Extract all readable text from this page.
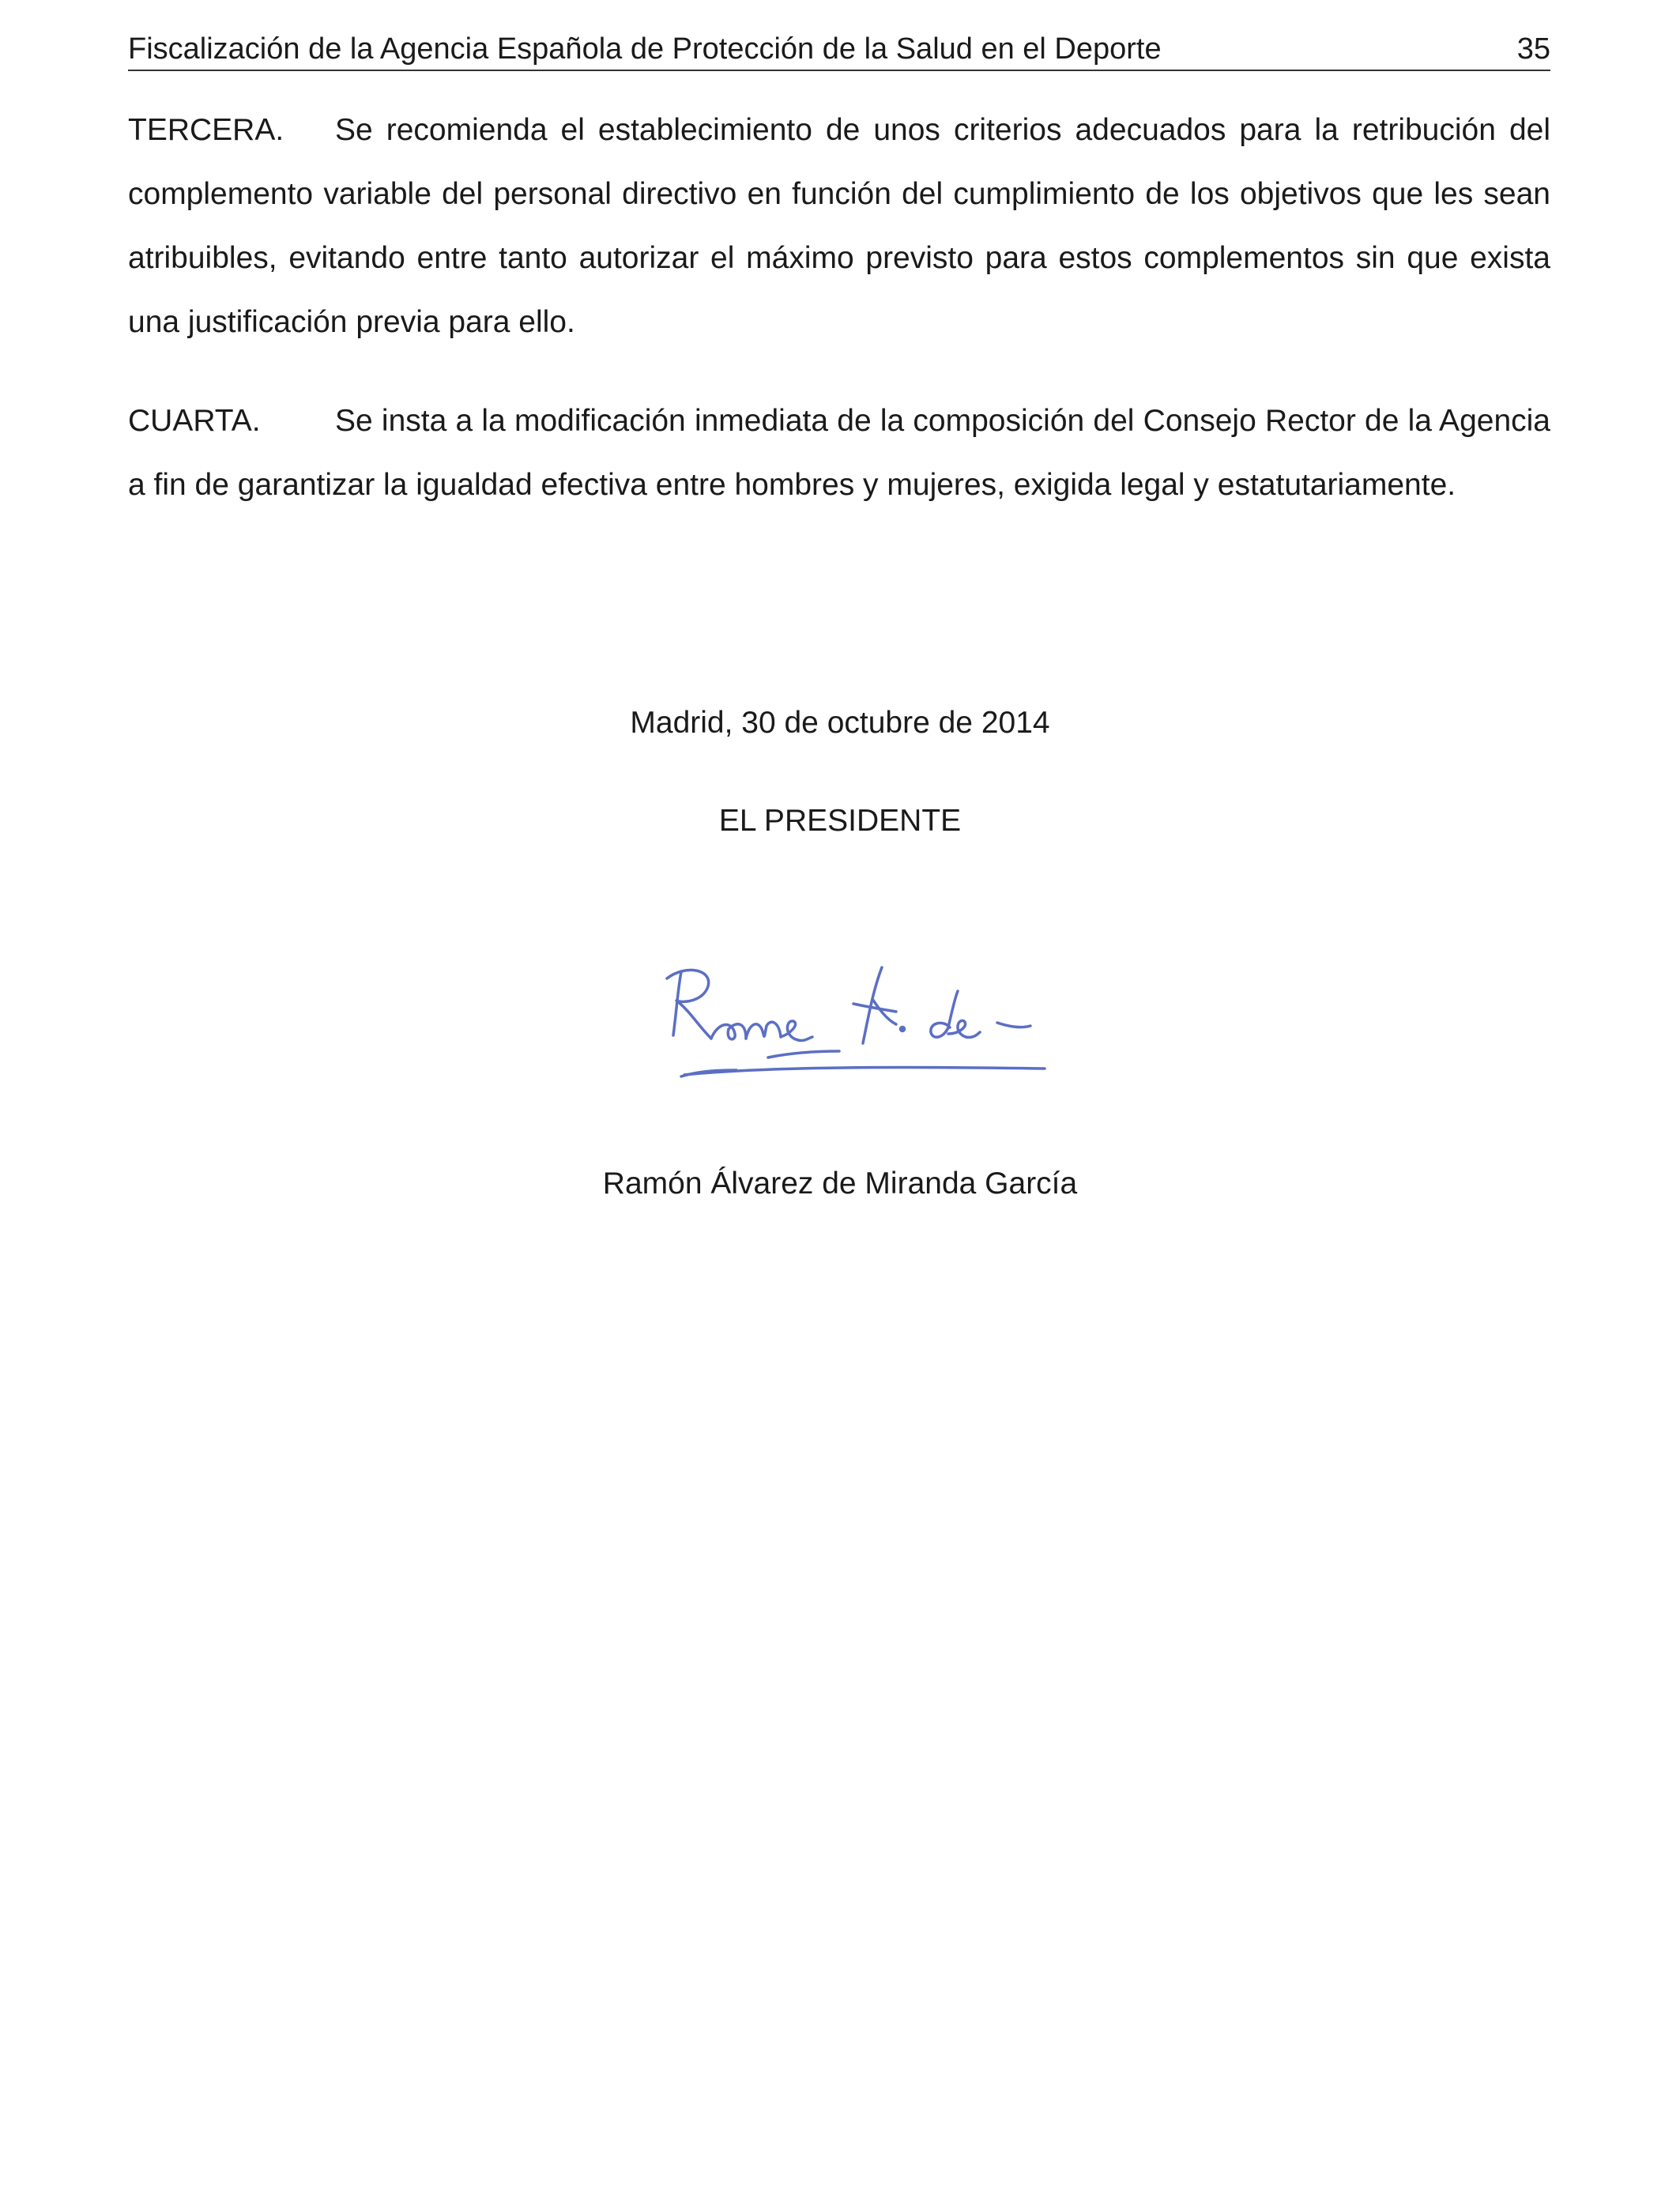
Fiscalización de la Agencia Española de Protección de la Salud en el Deporte	35
TERCERA. Se recomienda el establecimiento de unos criterios adecuados para la retribución del complemento variable del personal directivo en función del cumplimiento de los objetivos que les sean atribuibles, evitando entre tanto autorizar el máximo previsto para estos complementos sin que exista una justificación previa para ello.
CUARTA. Se insta a la modificación inmediata de la composición del Consejo Rector de la Agencia a fin de garantizar la igualdad efectiva entre hombres y mujeres, exigida legal y estatutariamente.
Madrid, 30 de octubre de 2014
EL PRESIDENTE
Ramón Álvarez de Miranda García
